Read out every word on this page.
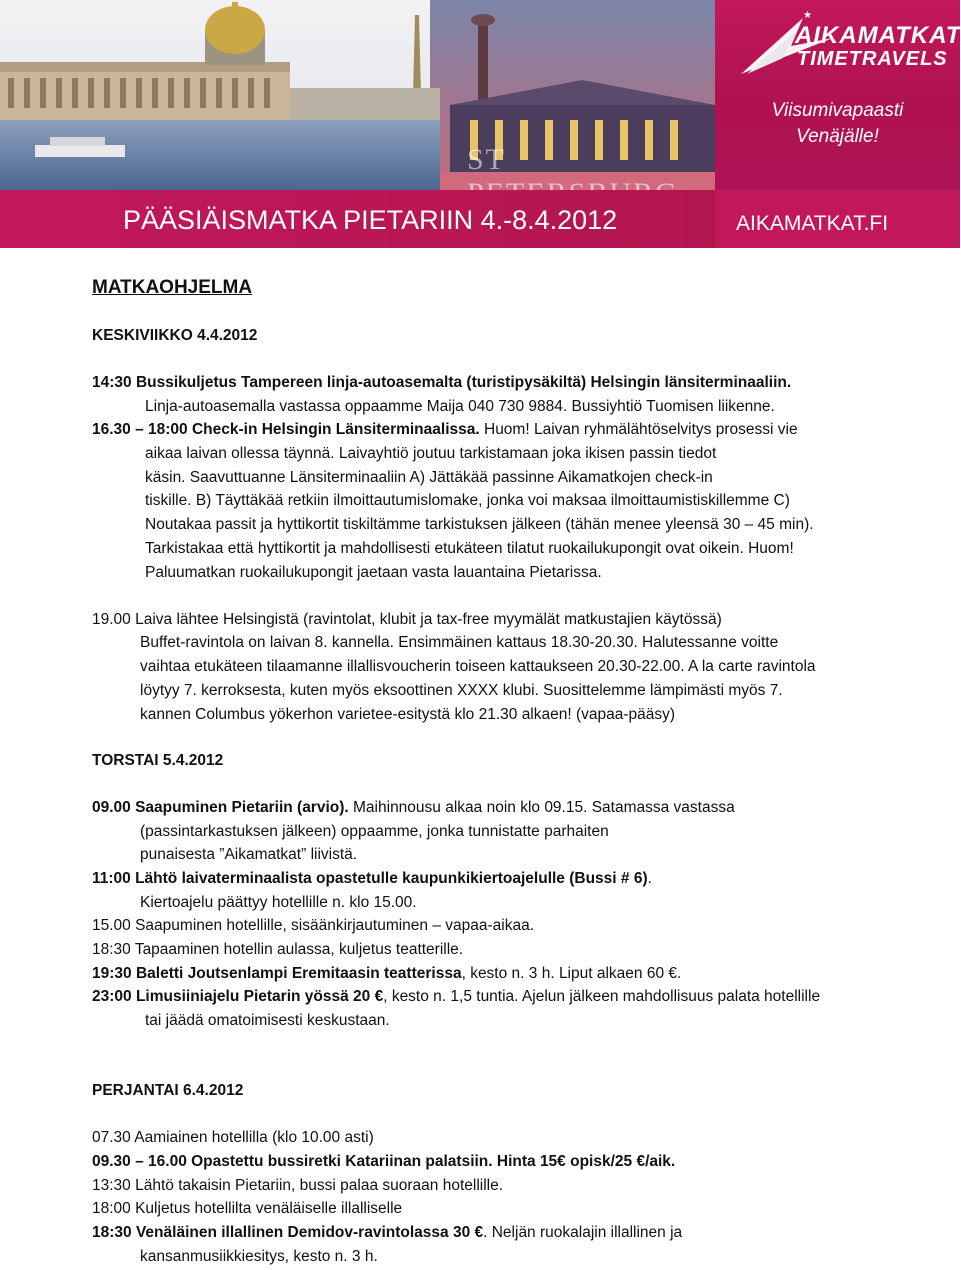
ST
★
AIKAMATKAT
TIMETRAVELS
Viisumivapaasti
Venäjälle!
PÄÄSIÄISMATKA PIETARIIN 4.-8.4.2012	AIKAMATKAT.FI
MATKAOHJELMA
KESKIVIIKKO 4.4.2012
14:30 Bussikuljetus Tampereen linja-autoasemalta (turistipysäkiltä) Helsingin länsiterminaaliin.
Linja-autoasemalla vastassa oppaamme Maija 040 730 9884. Bussiyhtiö Tuomisen liikenne.
16.30 – 18:00 Check-in Helsingin Länsiterminaalissa. Huom! Laivan ryhmälähtöselvitys prosessi vie
aikaa laivan ollessa täynnä. Laivayhtiö joutuu tarkistamaan joka ikisen passin tiedot
käsin. Saavuttuanne Länsiterminaaliin A) Jättäkää passinne Aikamatkojen check-in
tiskille. B) Täyttäkää retkiin ilmoittautumislomake, jonka voi maksaa ilmoittaumistiskillemme C)
Noutakaa passit ja hyttikortit tiskiltämme tarkistuksen jälkeen (tähän menee yleensä 30 – 45 min).
Tarkistakaa että hyttikortit ja mahdollisesti etukäteen tilatut ruokailukupongit ovat oikein. Huom!
Paluumatkan ruokailukupongit jaetaan vasta lauantaina Pietarissa.
19.00 Laiva lähtee Helsingistä (ravintolat, klubit ja tax-free myymälät matkustajien käytössä)
Buffet-ravintola on laivan 8. kannella. Ensimmäinen kattaus 18.30-20.30. Halutessanne voitte
vaihtaa etukäteen tilaamanne illallisvoucherin toiseen kattaukseen 20.30-22.00. A la carte ravintola
löytyy 7. kerroksesta, kuten myös eksoottinen XXXX klubi. Suosittelemme lämpimästi myös 7.
kannen Columbus yökerhon varietee-esitystä klo 21.30 alkaen! (vapaa-pääsy)
TORSTAI 5.4.2012
09.00 Saapuminen Pietariin (arvio). Maihinnousu alkaa noin klo 09.15. Satamassa vastassa
(passintarkastuksen jälkeen) oppaamme, jonka tunnistatte parhaiten
punaisesta ”Aikamatkat” liivistä.
11:00 Lähtö laivaterminaalista opastetulle kaupunkikiertoajelulle (Bussi # 6).
Kiertoajelu päättyy hotellille n. klo 15.00.
15.00 Saapuminen hotellille, sisäänkirjautuminen – vapaa-aikaa.
18:30 Tapaaminen hotellin aulassa, kuljetus teatterille.
19:30 Baletti Joutsenlampi Eremitaasin teatterissa, kesto n. 3 h. Liput alkaen 60 €.
23:00 Limusiiniajelu Pietarin yössä 20 €, kesto n. 1,5 tuntia. Ajelun jälkeen mahdollisuus palata hotellille
tai jäädä omatoimisesti keskustaan.
PERJANTAI 6.4.2012
07.30 Aamiainen hotellilla (klo 10.00 asti)
09.30 – 16.00 Opastettu bussiretki Katariinan palatsiin. Hinta 15€ opisk/25 €/aik.
13:30 Lähtö takaisin Pietariin, bussi palaa suoraan hotellille.
18:00 Kuljetus hotellilta venäläiselle illalliselle
18:30 Venäläinen illallinen Demidov-ravintolassa 30 €. Neljän ruokalajin illallinen ja
kansanmusiikkiesitys, kesto n. 3 h.
